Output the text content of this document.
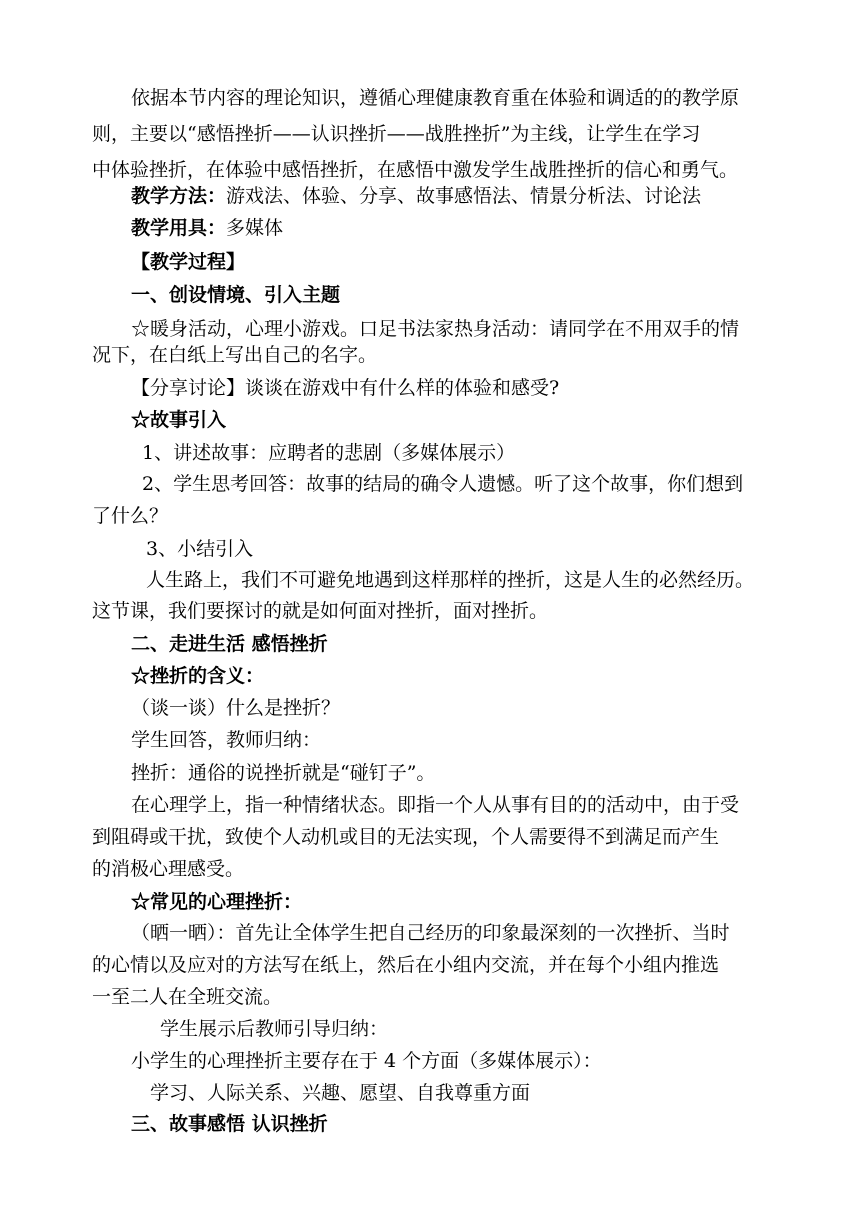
依据本节内容的理论知识，遵循心理健康教育重在体验和调适的的教学原
则，主要以“感悟挫折——认识挫折——战胜挫折”为主线，让学生在学习
中体验挫折，在体验中感悟挫折，在感悟中激发学生战胜挫折的信心和勇气。
教学方法：游戏法、体验、分享、故事感悟法、情景分析法、讨论法
教学用具：多媒体
【教学过程】
一、创设情境、引入主题
☆暖身活动，心理小游戏。口足书法家热身活动：请同学在不用双手的情
况下，在白纸上写出自己的名字。
【分享讨论】谈谈在游戏中有什么样的体验和感受?
☆故事引入
1、讲述故事：应聘者的悲剧（多媒体展示）
2、学生思考回答：故事的结局的确令人遗憾。听了这个故事，你们想到
了什么？
3、小结引入
人生路上，我们不可避免地遇到这样那样的挫折，这是人生的必然经历。
这节课，我们要探讨的就是如何面对挫折，面对挫折。
二、走进生活 感悟挫折
☆挫折的含义：
（谈一谈）什么是挫折？
学生回答，教师归纳：
挫折：通俗的说挫折就是“碰钉子”。
在心理学上，指一种情绪状态。即指一个人从事有目的的活动中，由于受
到阻碍或干扰，致使个人动机或目的无法实现，个人需要得不到满足而产生
的消极心理感受。
☆常见的心理挫折：
（晒一晒）：首先让全体学生把自己经历的印象最深刻的一次挫折、当时
的心情以及应对的方法写在纸上，然后在小组内交流，并在每个小组内推选
一至二人在全班交流。
学生展示后教师引导归纳：
小学生的心理挫折主要存在于 4 个方面（多媒体展示）：
学习、人际关系、兴趣、愿望、自我尊重方面
三、故事感悟 认识挫折
